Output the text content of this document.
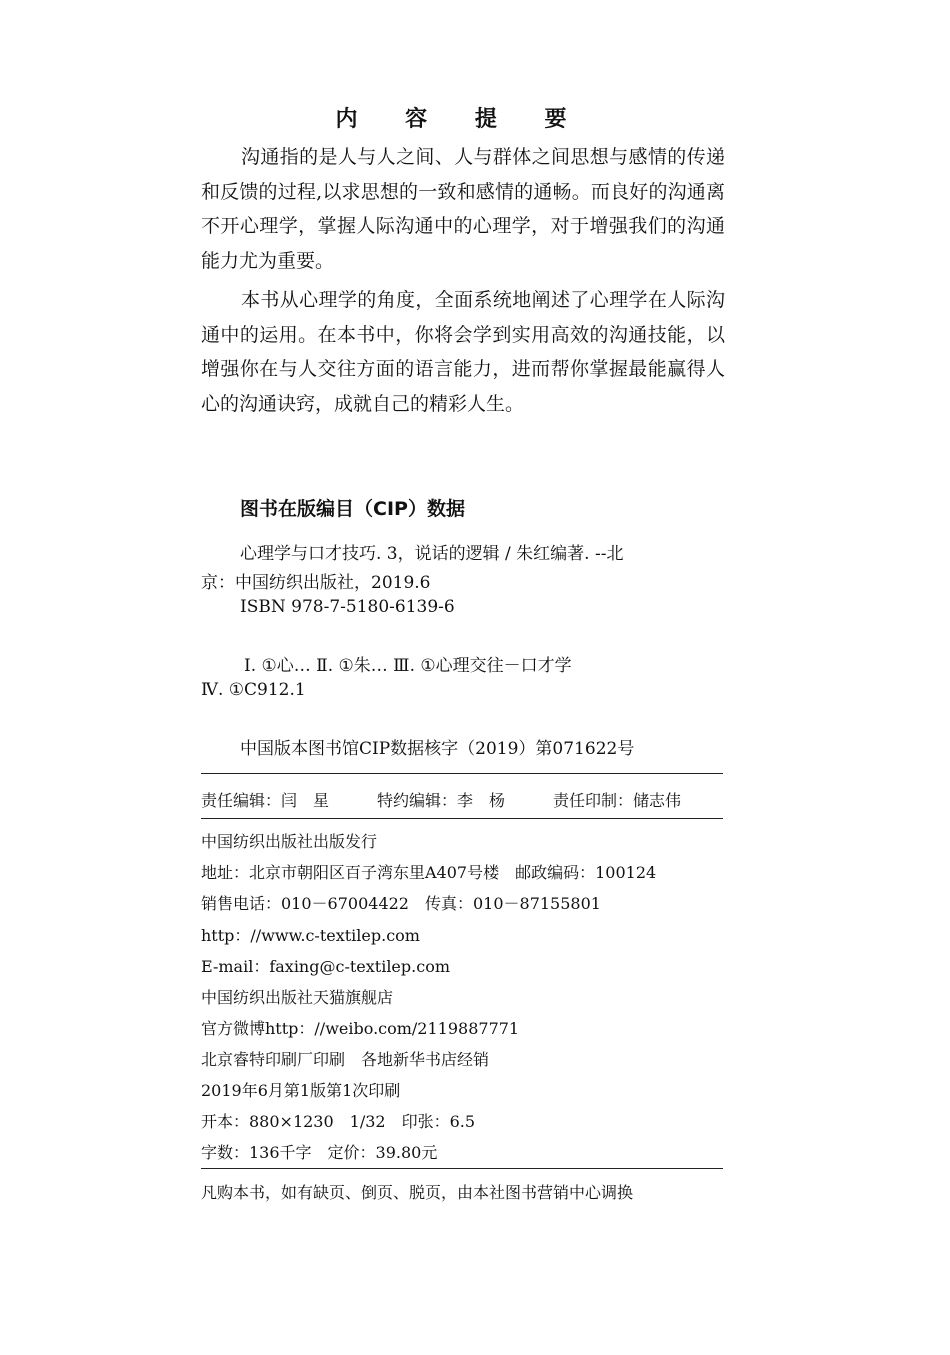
内 容 提 要

沟通指的是人与人之间、人与群体之间思想与感情的传递和反馈的过程,以求思想的一致和感情的通畅。而良好的沟通离不开心理学，掌握人际沟通中的心理学，对于增强我们的沟通能力尤为重要。

本书从心理学的角度，全面系统地阐述了心理学在人际沟通中的运用。在本书中，你将会学到实用高效的沟通技能，以增强你在与人交往方面的语言能力，进而帮你掌握最能赢得人心的沟通诀窍，成就自己的精彩人生。

图书在版编目（CIP）数据
心理学与口才技巧. 3，说话的逻辑 / 朱红编著. --北
京：中国纺织出版社，2019.6
ISBN 978-7-5180-6139-6
Ⅰ. ①心… Ⅱ. ①朱… Ⅲ. ①心理交往－口才学
Ⅳ. ①C912.1
中国版本图书馆CIP数据核字（2019）第071622号
责任编辑：闫　星　　　特约编辑：李　杨　　　责任印制：储志伟
中国纺织出版社出版发行
地址：北京市朝阳区百子湾东里A407号楼　邮政编码：100124
销售电话：010－67004422　传真：010－87155801
http：//www.c-textilep.com
E-mail：faxing@c-textilep.com
中国纺织出版社天猫旗舰店
官方微博http：//weibo.com/2119887771
北京睿特印刷厂印刷　各地新华书店经销
2019年6月第1版第1次印刷
开本：880×1230　1/32　印张：6.5
字数：136千字　定价：39.80元
凡购本书，如有缺页、倒页、脱页，由本社图书营销中心调换
